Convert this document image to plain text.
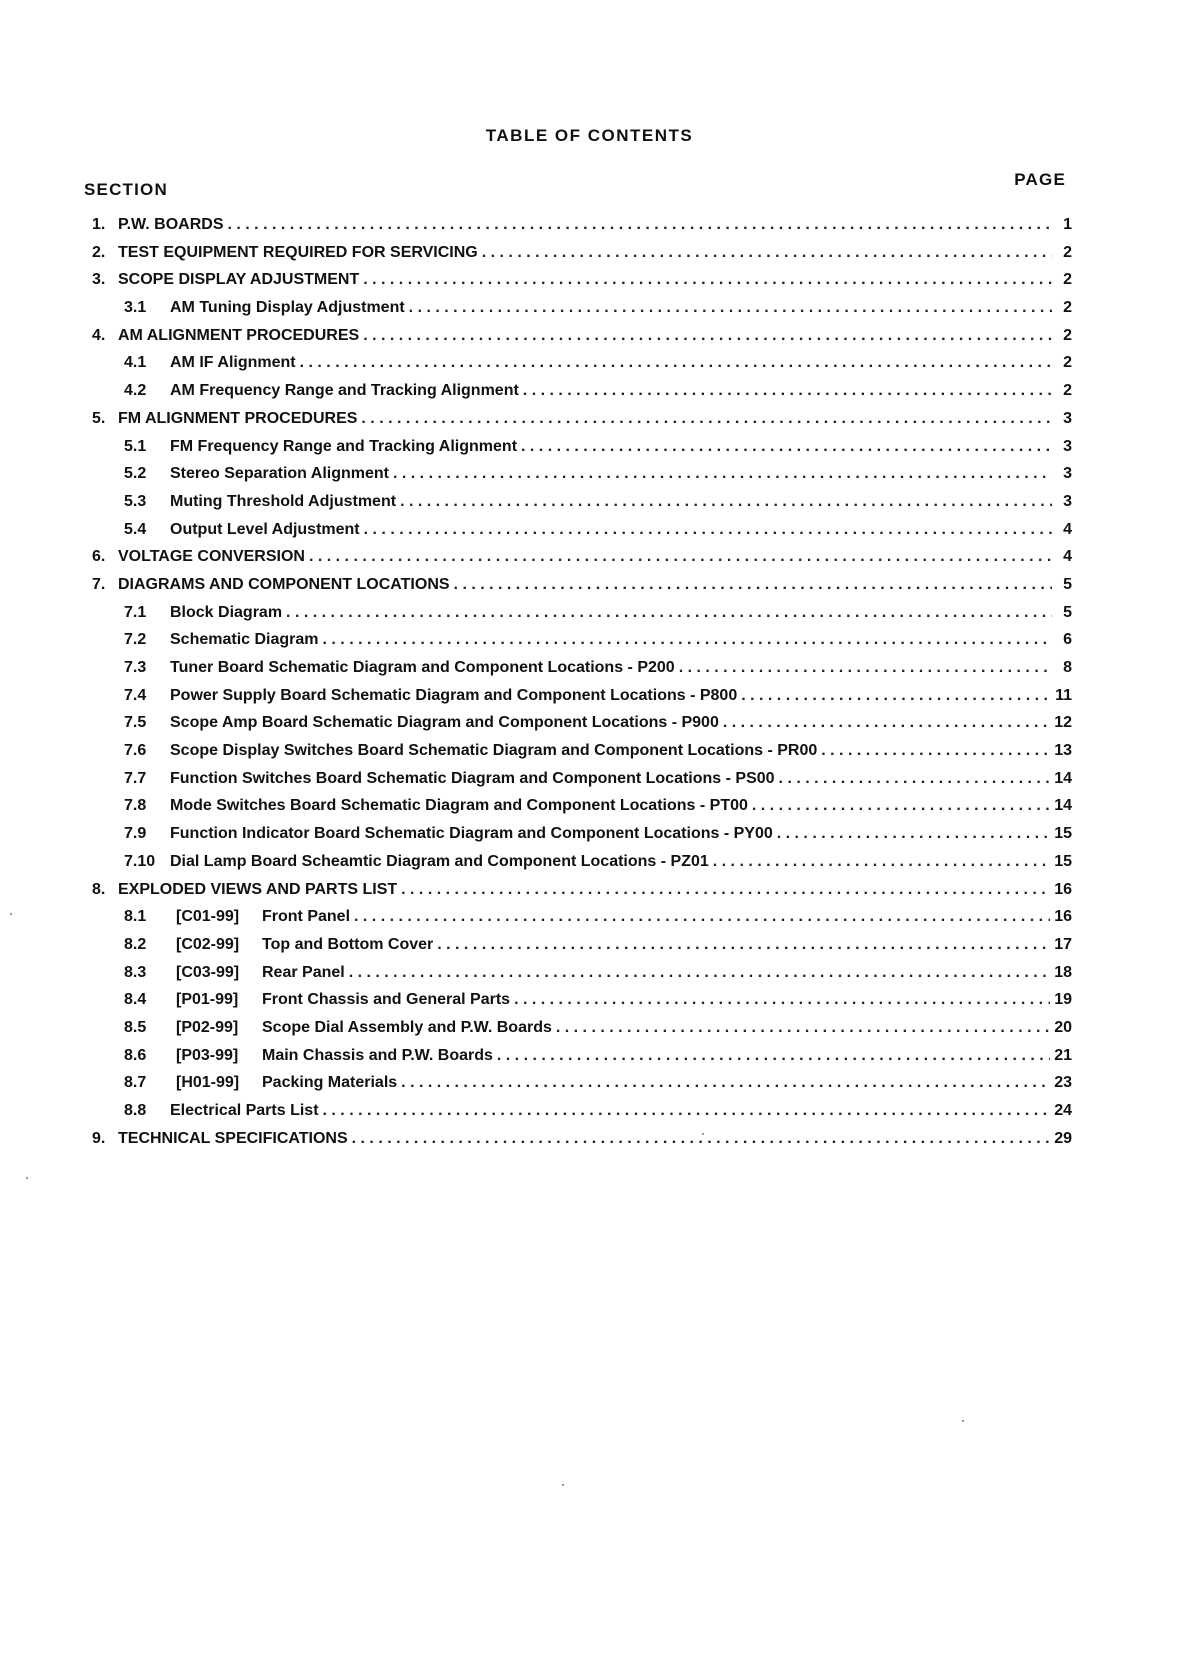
TABLE OF CONTENTS
SECTION
PAGE
1. P.W. BOARDS . . .	1
2. TEST EQUIPMENT REQUIRED FOR SERVICING . . .	2
3. SCOPE DISPLAY ADJUSTMENT . . .	2
3.1	AM Tuning Display Adjustment . . .	2
4. AM ALIGNMENT PROCEDURES . . .	2
4.1	AM IF Alignment . . .	2
4.2	AM Frequency Range and Tracking Alignment . . .	2
5. FM ALIGNMENT PROCEDURES . . .	3
5.1	FM Frequency Range and Tracking Alignment . . .	3
5.2	Stereo Separation Alignment . . .	3
5.3	Muting Threshold Adjustment . . .	3
5.4	Output Level Adjustment . . .	4
6. VOLTAGE CONVERSION . . .	4
7. DIAGRAMS AND COMPONENT LOCATIONS . . .	5
7.1	Block Diagram . . .	5
7.2	Schematic Diagram . . .	6
7.3	Tuner Board Schematic Diagram and Component Locations - P200 . . .	8
7.4	Power Supply Board Schematic Diagram and Component Locations - P800 . . .	11
7.5	Scope Amp Board Schematic Diagram and Component Locations - P900 . . .	12
7.6	Scope Display Switches Board Schematic Diagram and Component Locations - PR00 . . .	13
7.7	Function Switches Board Schematic Diagram and Component Locations - PS00 . . .	14
7.8	Mode Switches Board Schematic Diagram and Component Locations - PT00 . . .	14
7.9	Function Indicator Board Schematic Diagram and Component Locations - PY00 . . .	15
7.10 Dial Lamp Board Scheamtic Diagram and Component Locations - PZ01 . . .	15
8. EXPLODED VIEWS AND PARTS LIST . . .	16
8.1	[C01-99]	Front Panel . . .	16
8.2	[C02-99]	Top and Bottom Cover . . .	17
8.3	[C03-99]	Rear Panel . . .	18
8.4	[P01-99]	Front Chassis and General Parts . . .	19
8.5	[P02-99]	Scope Dial Assembly and P.W. Boards . . .	20
8.6	[P03-99]	Main Chassis and P.W. Boards . . .	21
8.7	[H01-99]	Packing Materials . . .	23
8.8	Electrical Parts List . . .	24
9. TECHNICAL SPECIFICATIONS . . .	29
